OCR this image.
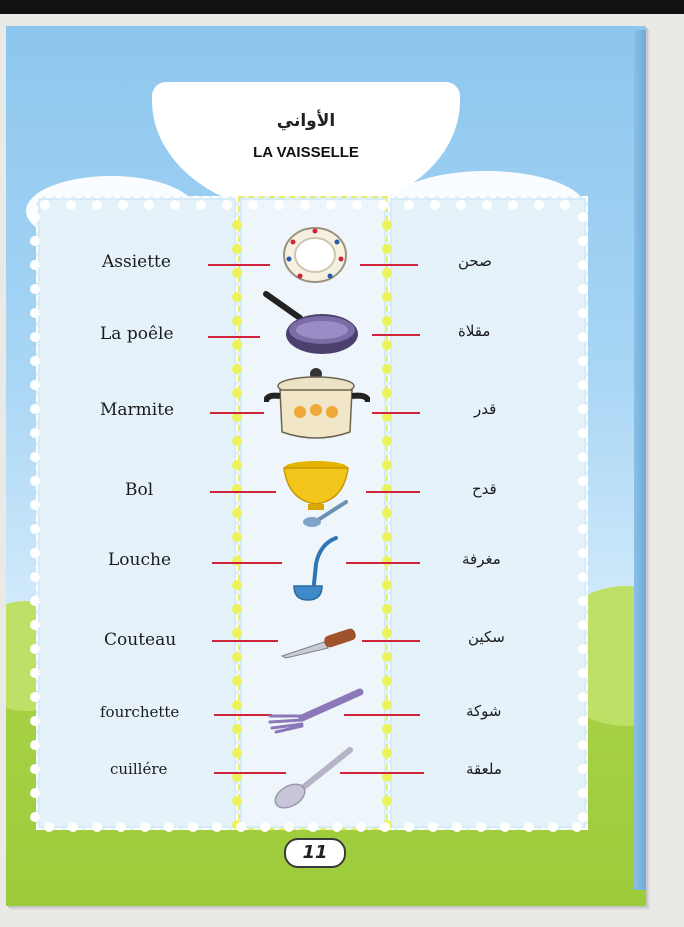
الأواني
LA VAISSELLE
Assiette	صحن
La poêle	مقلاة
Marmite	قدر
Bol	قدح
Louche	مغرفة
Couteau	سكين
fourchette	شوكة
cuillére	ملعقة
11
